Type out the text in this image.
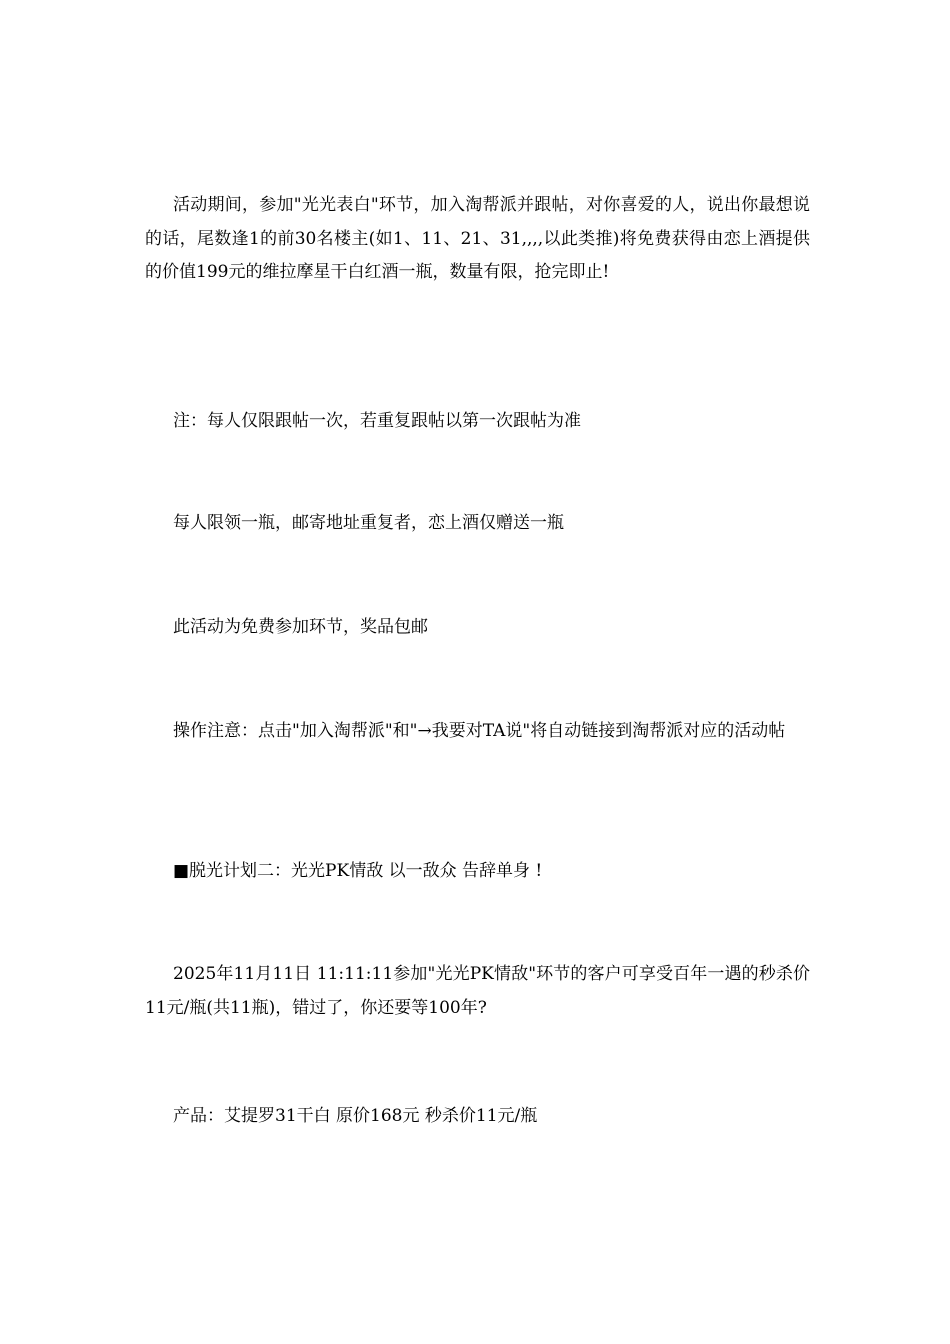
活动期间，参加"光光表白"环节，加入淘帮派并跟帖，对你喜爱的人，说出你最想说的话，尾数逢1的前30名楼主(如1、11、21、31,,,,以此类推)将免费获得由恋上酒提供的价值199元的维拉摩星干白红酒一瓶，数量有限，抢完即止!

注：每人仅限跟帖一次，若重复跟帖以第一次跟帖为准

每人限领一瓶，邮寄地址重复者，恋上酒仅赠送一瓶

此活动为免费参加环节，奖品包邮

操作注意：点击"加入淘帮派"和"→我要对TA说"将自动链接到淘帮派对应的活动帖

■脱光计划二：光光PK情敌 以一敌众 告辞单身 !

2025年11月11日 11:11:11参加"光光PK情敌"环节的客户可享受百年一遇的秒杀价11元/瓶(共11瓶)，错过了，你还要等100年?

产品：艾提罗31干白 原价168元 秒杀价11元/瓶
